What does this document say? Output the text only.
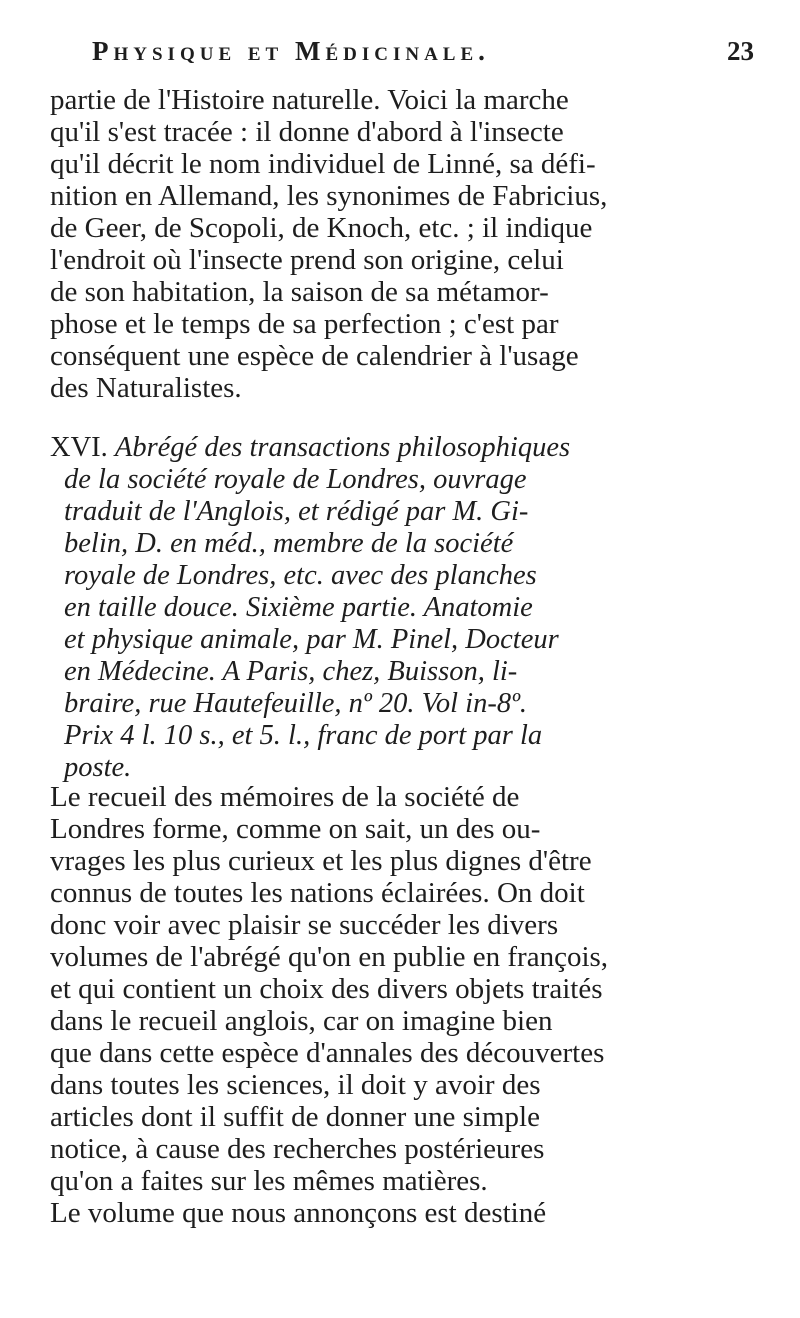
Physique et Médicinale.	23
partie de l'Histoire naturelle. Voici la marche
qu'il s'est tracée : il donne d'abord à l'insecte
qu'il décrit le nom individuel de Linné, sa défi-
nition en Allemand, les synonimes de Fabricius,
de Geer, de Scopoli, de Knoch, etc. ; il indique
l'endroit où l'insecte prend son origine, celui
de son habitation, la saison de sa métamor-
phose et le temps de sa perfection ; c'est par
conséquent une espèce de calendrier à l'usage
des Naturalistes.
XVI. Abrégé des transactions philosophiques
de la société royale de Londres, ouvrage
traduit de l'Anglois, et rédigé par M. Gi-
belin, D. en méd., membre de la société
royale de Londres, etc. avec des planches
en taille douce. Sixième partie. Anatomie
et physique animale, par M. Pinel, Docteur
en Médecine. A Paris, chez, Buisson, li-
braire, rue Hautefeuille, nº 20. Vol in-8º.
Prix 4 l. 10 s., et 5. l., franc de port par la
poste.
Le recueil des mémoires de la société de
Londres forme, comme on sait, un des ou-
vrages les plus curieux et les plus dignes d'être
connus de toutes les nations éclairées. On doit
donc voir avec plaisir se succéder les divers
volumes de l'abrégé qu'on en publie en françois,
et qui contient un choix des divers objets traités
dans le recueil anglois, car on imagine bien
que dans cette espèce d'annales des découvertes
dans toutes les sciences, il doit y avoir des
articles dont il suffit de donner une simple
notice, à cause des recherches postérieures
qu'on a faites sur les mêmes matières.
Le volume que nous annonçons est destiné
